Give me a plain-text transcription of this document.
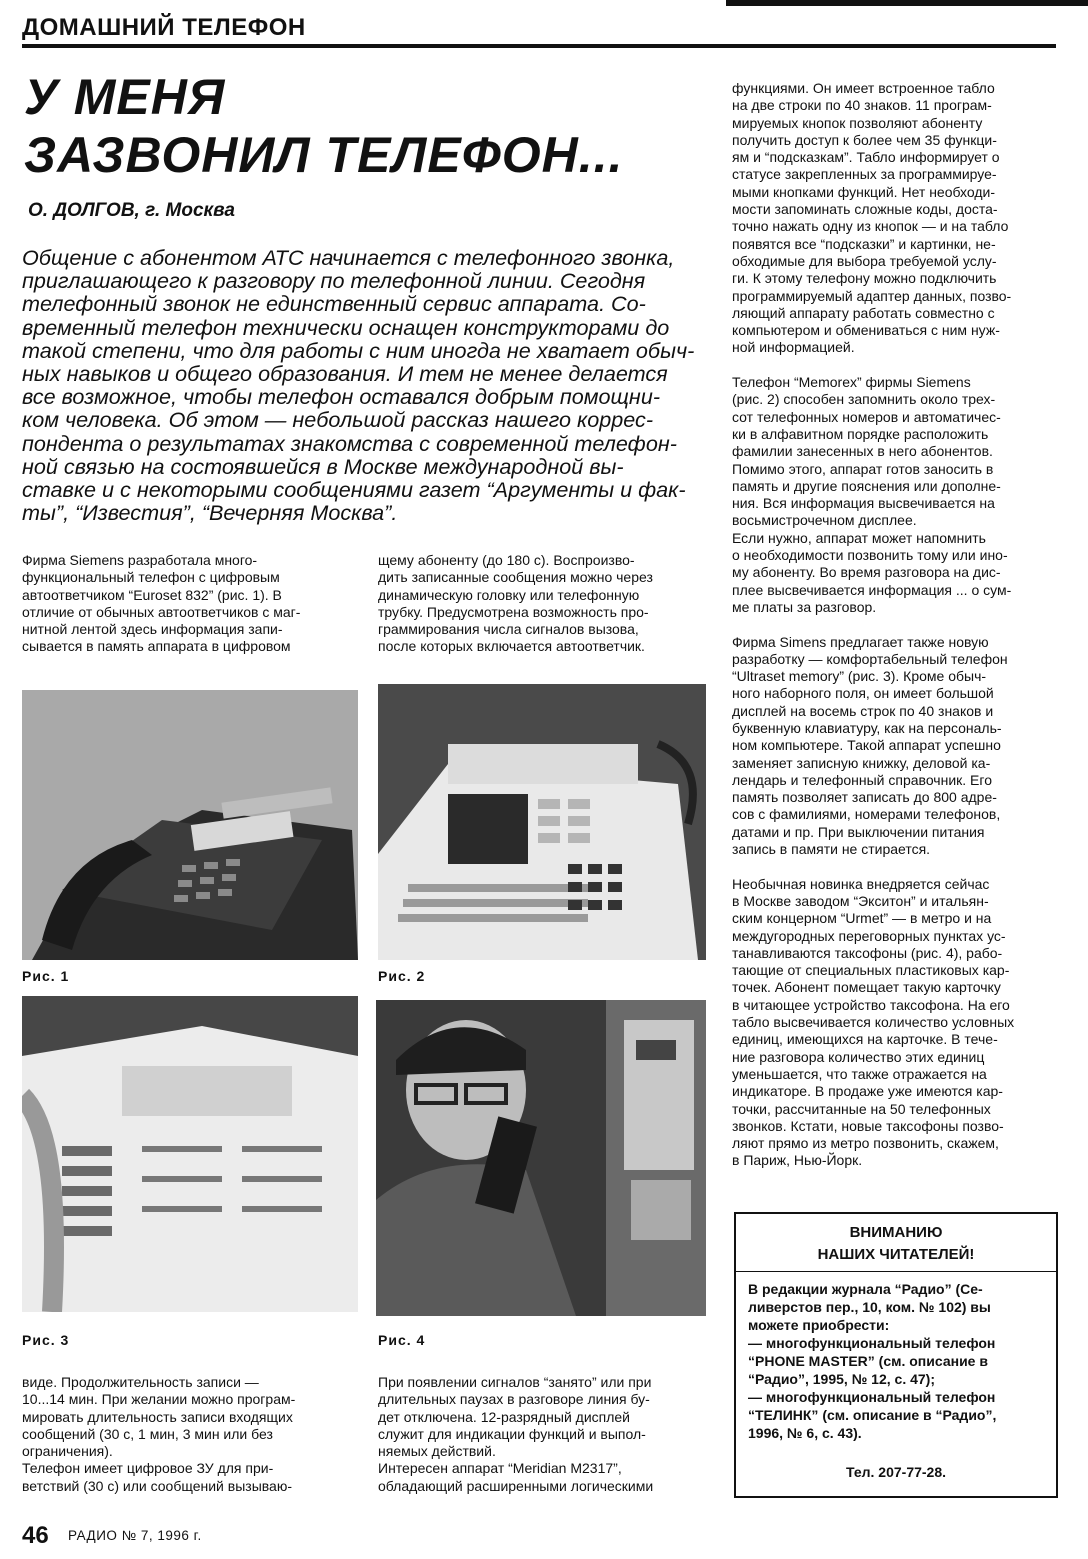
ДОМАШНИЙ ТЕЛЕФОН
У МЕНЯ
ЗАЗВОНИЛ ТЕЛЕФОН...
О. ДОЛГОВ, г. Москва
Общение с абонентом АТС начинается с телефонного звонка,
приглашающего к разговору по телефонной линии. Сегодня
телефонный звонок не единственный сервис аппарата. Со-
временный телефон технически оснащен конструкторами до
такой степени, что для работы с ним иногда не хватает обыч-
ных навыков и общего образования. И тем не менее делается
все возможное, чтобы телефон оставался добрым помощни-
ком человека. Об этом — небольшой рассказ нашего коррес-
пондента о результатах знакомства с современной телефон-
ной связью на состоявшейся в Москве международной вы-
ставке и с некоторыми сообщениями газет “Аргументы и фак-
ты”, “Известия”, “Вечерняя Москва”.
Фирма Siemens разработала много-
функциональный телефон с цифровым
автоответчиком “Euroset 832” (рис. 1). В
отличие от обычных автоответчиков с маг-
нитной лентой здесь информация запи-
сывается в память аппарата в цифровом
щему абоненту (до 180 с). Воспроизво-
дить записанные сообщения можно через
динамическую головку или телефонную
трубку. Предусмотрена возможность про-
граммирования числа сигналов вызова,
после которых включается автоответчик.
Рис. 1	Рис. 2
Рис. 3	Рис. 4
виде. Продолжительность записи —
10...14 мин. При желании можно програм-
мировать длительность записи входящих
сообщений (30 с, 1 мин, 3 мин или без
ограничения).
Телефон имеет цифровое ЗУ для при-
ветствий (30 с) или сообщений вызываю-
При появлении сигналов “занято” или при
длительных паузах в разговоре линия бу-
дет отключена. 12-разрядный дисплей
служит для индикации функций и выпол-
няемых действий.
Интересен аппарат “Meridian M2317”,
обладающий расширенными логическими
функциями. Он имеет встроенное табло
на две строки по 40 знаков. 11 програм-
мируемых кнопок позволяют абоненту
получить доступ к более чем 35 функци-
ям и “подсказкам”. Табло информирует о
статусе закрепленных за программируе-
мыми кнопками функций. Нет необходи-
мости запоминать сложные коды, доста-
точно нажать одну из кнопок — и на табло
появятся все “подсказки” и картинки, не-
обходимые для выбора требуемой услу-
ги. К этому телефону можно подключить
программируемый адаптер данных, позво-
ляющий аппарату работать совместно с
компьютером и обмениваться с ним нуж-
ной информацией.

Телефон “Memorex” фирмы Siemens
(рис. 2) способен запомнить около трех-
сот телефонных номеров и автоматичес-
ки в алфавитном порядке расположить
фамилии занесенных в него абонентов.
Помимо этого, аппарат готов заносить в
память и другие пояснения или дополне-
ния. Вся информация высвечивается на
восьмистрочечном дисплее.
Если нужно, аппарат может напомнить
о необходимости позвонить тому или ино-
му абоненту. Во время разговора на дис-
плее высвечивается информация ... о сум-
ме платы за разговор.

Фирма Simens предлагает также новую
разработку — комфортабельный телефон
“Ultraset memory” (рис. 3). Кроме обыч-
ного наборного поля, он имеет большой
дисплей на восемь строк по 40 знаков и
буквенную клавиатуру, как на персональ-
ном компьютере. Такой аппарат успешно
заменяет записную книжку, деловой ка-
лендарь и телефонный справочник. Его
память позволяет записать до 800 адре-
сов с фамилиями, номерами телефонов,
датами и пр. При выключении питания
запись в памяти не стирается.

Необычная новинка внедряется сейчас
в Москве заводом “Экситон” и итальян-
ским концерном “Urmet” — в метро и на
междугородных переговорных пунктах ус-
танавливаются таксофоны (рис. 4), рабо-
тающие от специальных пластиковых кар-
точек. Абонент помещает такую карточку
в читающее устройство таксофона. На его
табло высвечивается количество условных
единиц, имеющихся на карточке. В тече-
ние разговора количество этих единиц
уменьшается, что также отражается на
индикаторе. В продаже уже имеются кар-
точки, рассчитанные на 50 телефонных
звонков. Кстати, новые таксофоны позво-
ляют прямо из метро позвонить, скажем,
в Париж, Нью-Йорк.
ВНИМАНИЮ
НАШИХ ЧИТАТЕЛЕЙ!
В редакции журнала “Радио” (Се-
ливерстов пер., 10, ком. № 102) вы
можете приобрести:
— многофункциональный телефон
“PHONE MASTER” (см. описание в
“Радио”, 1995, № 12, с. 47);
— многофункциональный телефон
“ТЕЛИНК” (см. описание в “Радио”,
1996, № 6, с. 43).
Тел. 207-77-28.
46 РАДИО № 7, 1996 г.
